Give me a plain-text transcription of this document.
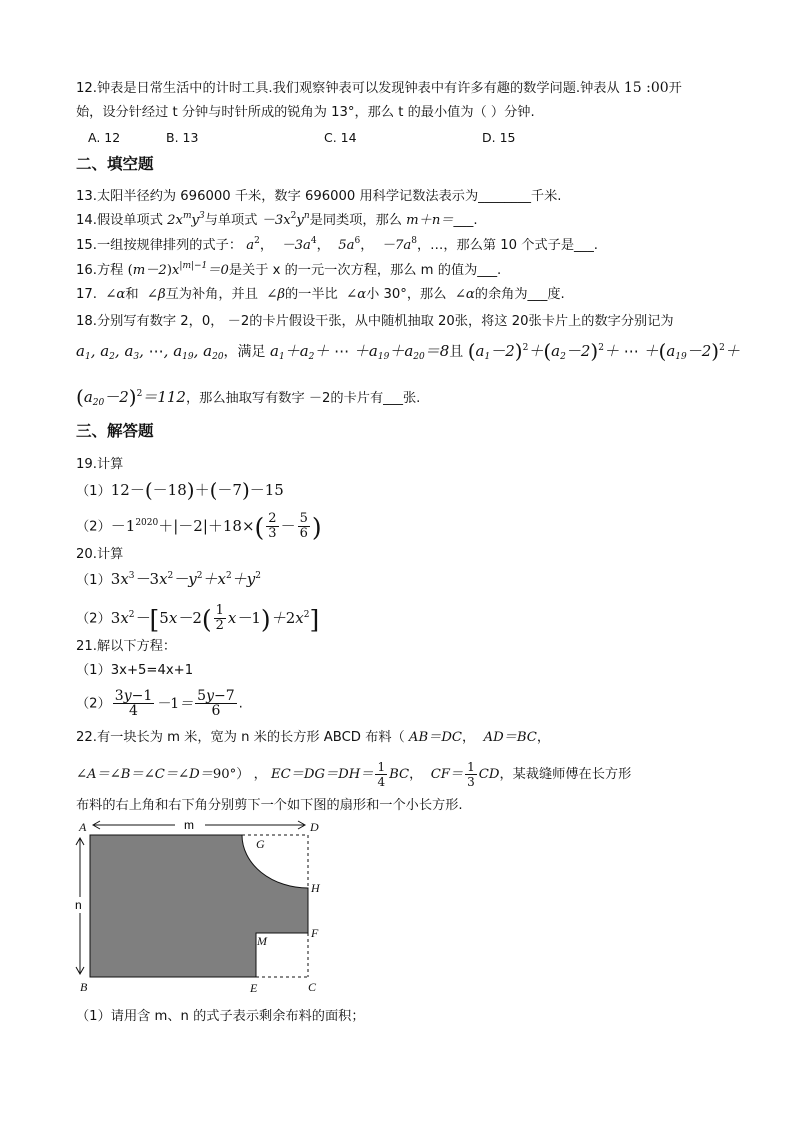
12.钟表是日常生活中的计时工具.我们观察钟表可以发现钟表中有许多有趣的数学问题.钟表从 15 :00开
始，设分针经过 t 分钟与时针所成的锐角为 13°，那么 t 的最小值为（ ）分钟.
A. 12	B. 13	C. 14	D. 15
二、填空题
13.太阳半径约为 696000 千米，数字 696000 用科学记数法表示为________千米.
14.假设单项式 $2x^my^3$与单项式 $-3x^2y^n$是同类项，那么 m＋n＝___.
15.一组按规律排列的式子： $a^2$，  $-3a^4$，  $5a^6$，  $-7a^8$，…，那么第 10 个式子是___.
16.方程 $(m-2)x^{|m|-1}=0$是关于 x 的一元一次方程，那么 m 的值为___.
17. ∠α和 ∠β互为补角，并且 ∠β的一半比 ∠α小 30°，那么 ∠α的余角为___度.
18.分别写有数字 2，0， －2的卡片假设干张，从中随机抽取 20张，将这 20张卡片上的数字分别记为
$a_1$, $a_2$, $a_3$, ⋯, $a_{19}$, $a_{20}$，满足 $a_1+a_2+$ ⋯ $+a_{19}+a_{20}=8$且 $(a_1-2)^2+(a_2-2)^2+$ ⋯ $+(a_{19}-2)^2+$
$(a_{20}-2)^2=112$，那么抽取写有数字 －2的卡片有___张.
三、解答题
19.计算
（1）12－(－18)＋(－7)－15
$(2)-1^{2020}+|-2|+18\times( \frac{2}{3} - \frac{5}{6}$ )
20.计算
$(1)3x^3-3x^2-y^2+x^2+y^2$
$(2)3x^2-[5x-2( \frac{1}{2} x-1)+2x^2]$
21.解以下方程：
（1）3x+5=4x+1
$(2) \frac{3y-1}{4} -1= \frac{5y-7}{6}$ .
22.有一块长为 m 米，宽为 n 米的长方形 ABCD 布料（ AB＝DC，  AD＝BC，
∠A＝∠B＝∠C＝∠D＝90°） ， $EC=DG=DH= \frac{1}{4}$ BC，  $CF= \frac{1}{3}$ CD，某裁缝师傅在长方形
布料的右上角和右下角分别剪下一个如下图的扇形和一个小长方形.
m
n
A
B	C
D
E
F
G
H
M
（1）请用含 m、n 的式子表示剩余布料的面积；
